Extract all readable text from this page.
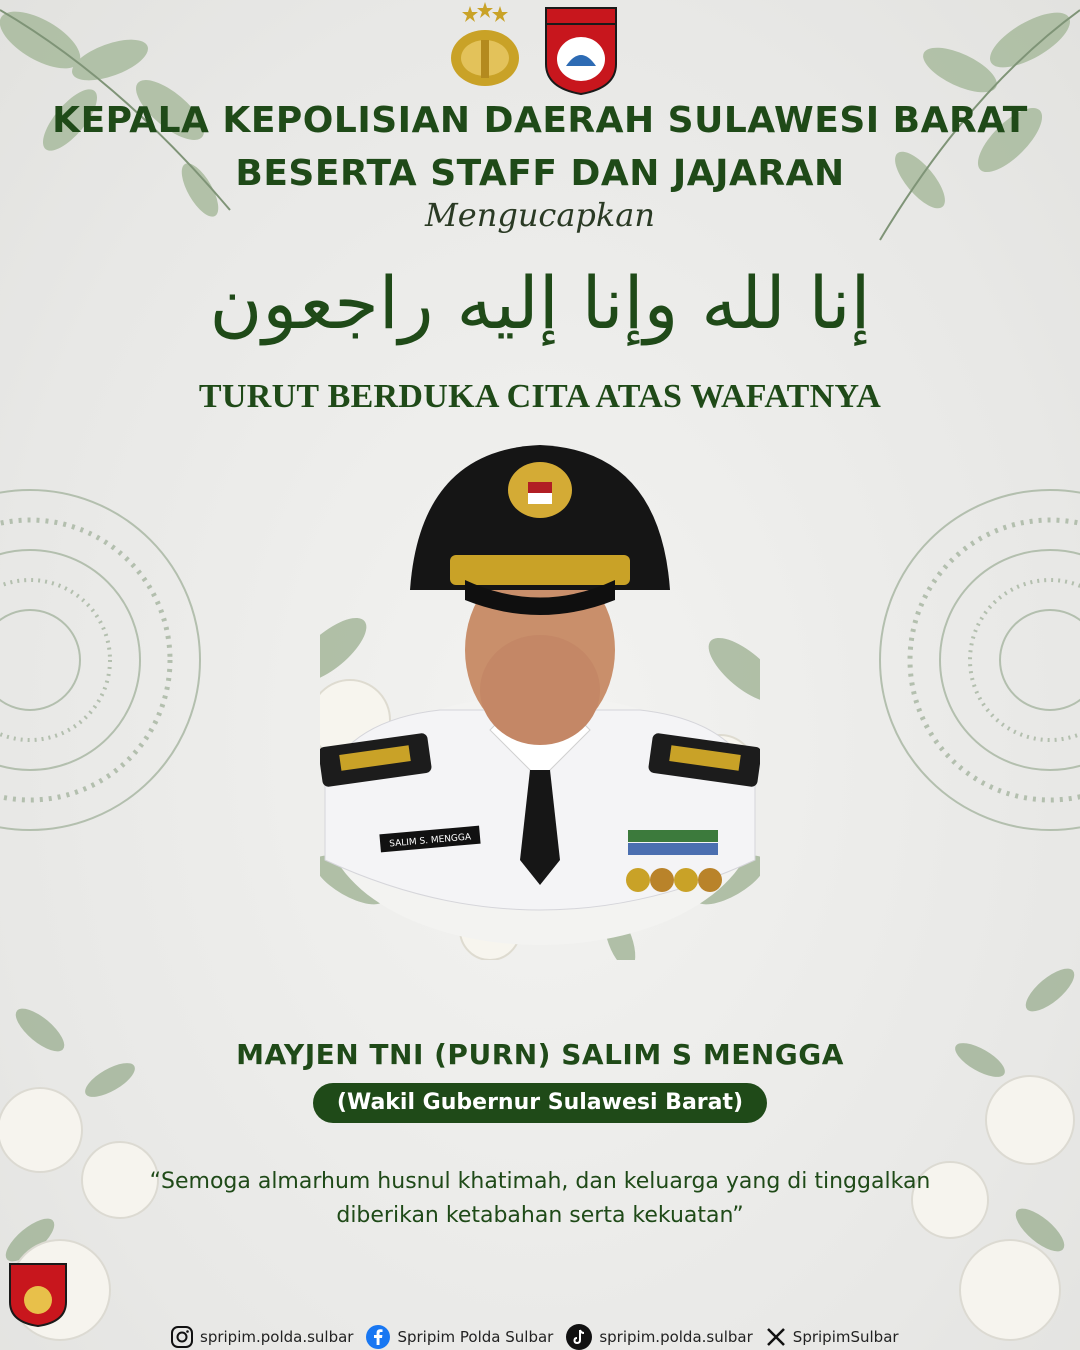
KEPALA KEPOLISIAN DAERAH SULAWESI BARAT
BESERTA STAFF DAN JAJARAN
Mengucapkan
إنا لله وإنا إليه راجعون
TURUT BERDUKA CITA ATAS WAFATNYA
SALIM S. MENGGA
MAYJEN TNI (PURN) SALIM S MENGGA
(Wakil Gubernur Sulawesi Barat)
“Semoga almarhum husnul khatimah, dan keluarga yang di tinggalkan diberikan ketabahan serta kekuatan”
spripim.polda.sulbar	Spripim Polda Sulbar	spripim.polda.sulbar	SpripimSulbar
